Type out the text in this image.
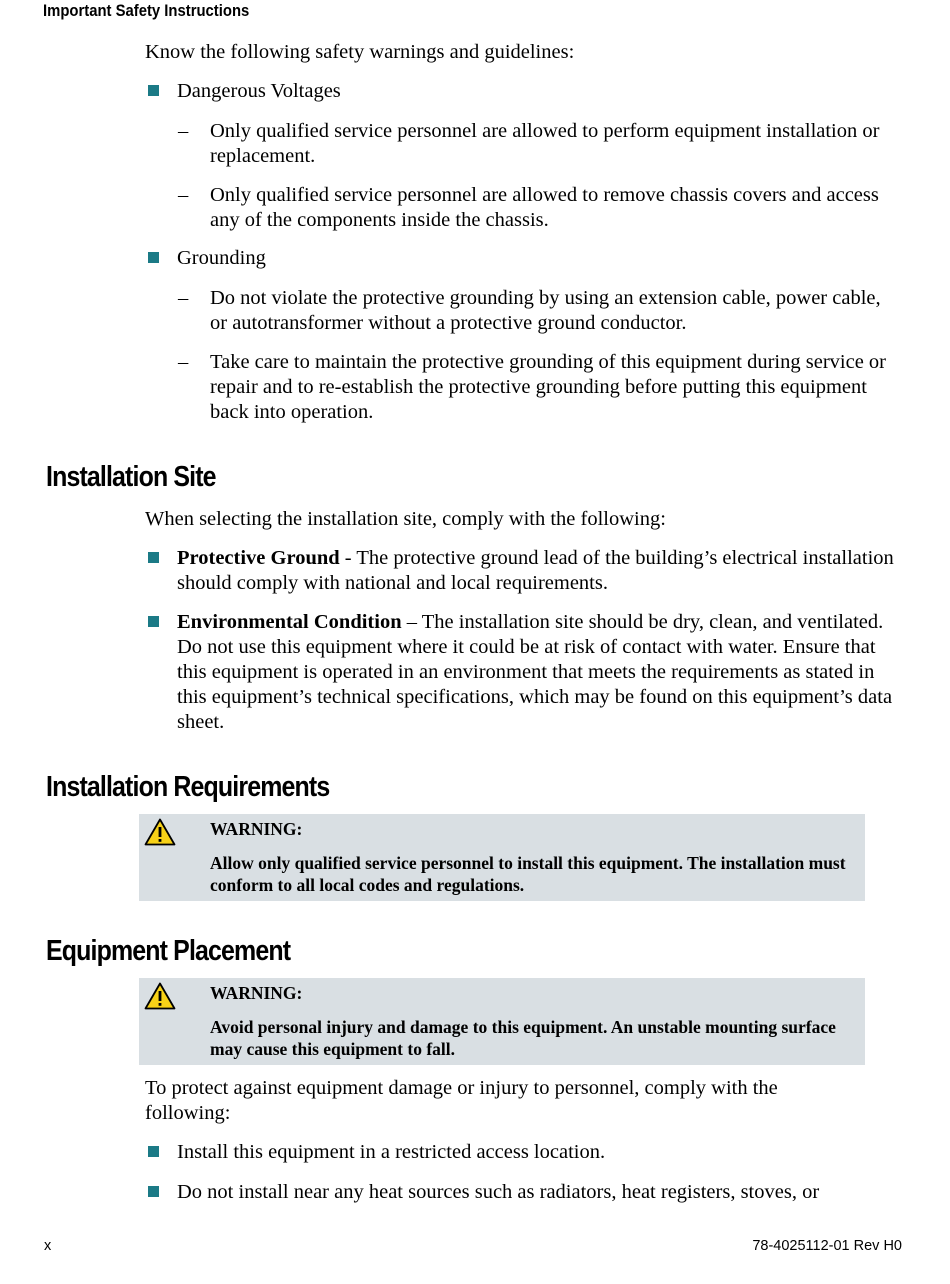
Important Safety Instructions
Know the following safety warnings and guidelines:
Dangerous Voltages
– Only qualified service personnel are allowed to perform equipment installation or replacement.
– Only qualified service personnel are allowed to remove chassis covers and access any of the components inside the chassis.
Grounding
– Do not violate the protective grounding by using an extension cable, power cable, or autotransformer without a protective ground conductor.
– Take care to maintain the protective grounding of this equipment during service or repair and to re-establish the protective grounding before putting this equipment back into operation.
Installation Site
When selecting the installation site, comply with the following:
Protective Ground - The protective ground lead of the building’s electrical installation should comply with national and local requirements.
Environmental Condition – The installation site should be dry, clean, and ventilated. Do not use this equipment where it could be at risk of contact with water. Ensure that this equipment is operated in an environment that meets the requirements as stated in this equipment’s technical specifications, which may be found on this equipment’s data sheet.
Installation Requirements
WARNING:
Allow only qualified service personnel to install this equipment. The installation must conform to all local codes and regulations.
Equipment Placement
WARNING:
Avoid personal injury and damage to this equipment. An unstable mounting surface may cause this equipment to fall.
To protect against equipment damage or injury to personnel, comply with the following:
Install this equipment in a restricted access location.
Do not install near any heat sources such as radiators, heat registers, stoves, or
x	78-4025112-01 Rev H0
